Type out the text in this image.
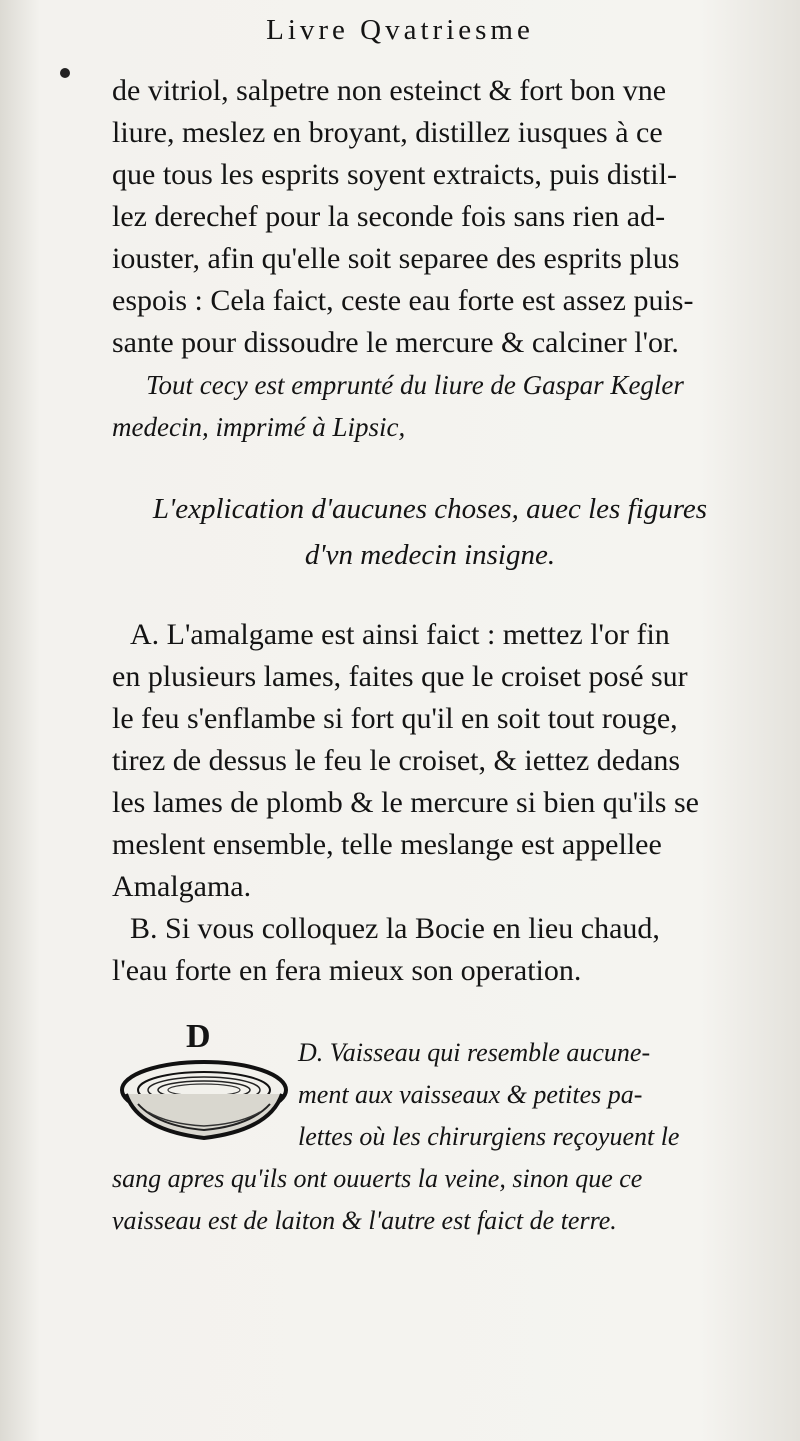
Livre Qvatriesme
de vitriol, salpetre non esteinct & fort bon vne
liure, meslez en broyant, distillez iusques à ce
que tous les esprits soyent extraicts, puis distil-
lez derechef pour la seconde fois sans rien ad-
iouster, afin qu'elle soit separee des esprits plus
espois : Cela faict, ceste eau forte est assez puis-
sante pour dissoudre le mercure & calciner l'or.
Tout cecy est emprunté du liure de Gaspar Kegler
medecin, imprimé à Lipsic,
L'explication d'aucunes choses, auec les figures
d'vn medecin insigne.
A. L'amalgame est ainsi faict : mettez l'or fin
en plusieurs lames, faites que le croiset posé sur
le feu s'enflambe si fort qu'il en soit tout rouge,
tirez de dessus le feu le croiset, & iettez dedans
les lames de plomb & le mercure si bien qu'ils se
meslent ensemble, telle meslange est appellee
Amalgama.
B. Si vous colloquez la Bocie en lieu chaud,
l'eau forte en fera mieux son operation.
D	D. Vaisseau qui resemble aucune-
ment aux vaisseaux & petites pa-
lettes où les chirurgiens reçoyuent le
sang apres qu'ils ont ouuerts la veine, sinon que ce
vaisseau est de laiton & l'autre est faict de terre.
